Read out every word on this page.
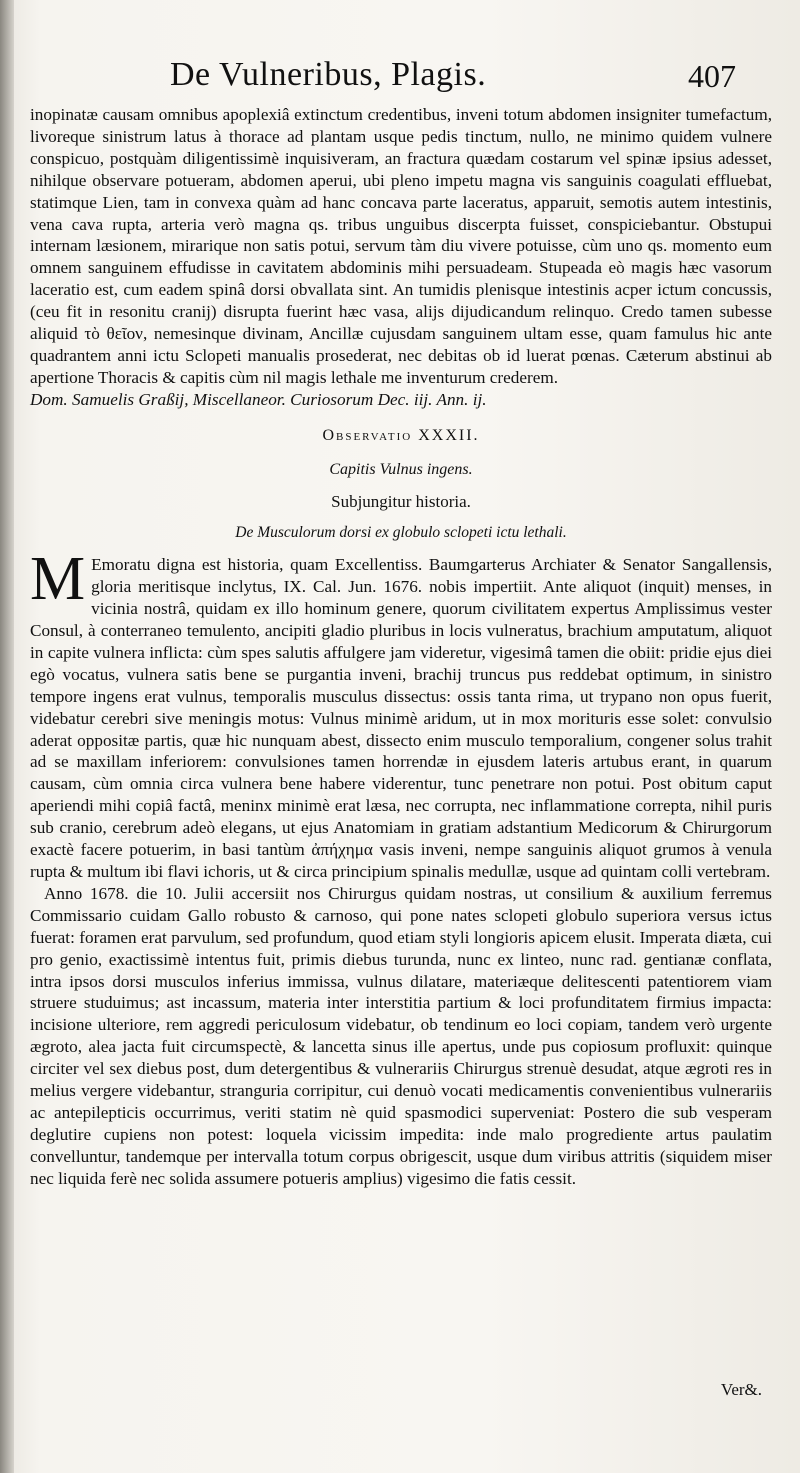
De Vulneribus, Plagis.	407

inopinatæ causam omnibus apoplexiâ extinctum credentibus, inveni totum abdomen insigniter tumefactum, livoreque sinistrum latus à thorace ad plantam usque pedis tinctum, nullo, ne minimo quidem vulnere conspicuo, postquàm diligentissimè inquisiveram, an fractura quædam costarum vel spinæ ipsius adesset, nihilque observare potueram, abdomen aperui, ubi pleno impetu magna vis sanguinis coagulati effluebat, statimque Lien, tam in convexa quàm ad hanc concava parte laceratus, apparuit, semotis autem intestinis, vena cava rupta, arteria verò magna qs. tribus unguibus discerpta fuisset, conspiciebantur. Obstupui internam læsionem, mirarique non satis potui, servum tàm diu vivere potuisse, cùm uno qs. momento eum omnem sanguinem effudisse in cavitatem abdominis mihi persuadeam. Stupeada eò magis hæc vasorum laceratio est, cum eadem spinâ dorsi obvallata sint. An tumidis plenisque intestinis acper ictum concussis, (ceu fit in resonitu cranij) disrupta fuerint hæc vasa, alijs dijudicandum relinquo. Credo tamen subesse aliquid τὸ θεῖον, nemesinque divinam, Ancillæ cujusdam sanguinem ultam esse, quam famulus hic ante quadrantem anni ictu Sclopeti manualis prosederat, nec debitas ob id luerat pœnas. Cæterum abstinui ab apertione Thoracis & capitis cùm nil magis lethale me inventurum crederem.

Dom. Samuelis Graßij, Miscellaneor. Curiosorum Dec. iij. Ann. ij.

Observatio XXXII.

Capitis Vulnus ingens.

Subjungitur historia.

De Musculorum dorsi ex globulo sclopeti ictu lethali.

M Emoratu digna est historia, quam Excellentiss. Baumgarterus Archiater & Senator Sangallensis, gloria meritisque inclytus, IX. Cal. Jun. 1676. nobis impertiit. Ante aliquot (inquit) menses, in vicinia nostrâ, quidam ex illo hominum genere, quorum civilitatem expertus Amplissimus vester Consul, à conterraneo temulento, ancipiti gladio pluribus in locis vulneratus, brachium amputatum, aliquot in capite vulnera inflicta: cùm spes salutis affulgere jam videretur, vigesimâ tamen die obiit: pridie ejus diei egò vocatus, vulnera satis bene se purgantia inveni, brachij truncus pus reddebat optimum, in sinistro tempore ingens erat vulnus, temporalis musculus dissectus: ossis tanta rima, ut trypano non opus fuerit, videbatur cerebri sive meningis motus: Vulnus minimè aridum, ut in mox morituris esse solet: convulsio aderat oppositæ partis, quæ hic nunquam abest, dissecto enim musculo temporalium, congener solus trahit ad se maxillam inferiorem: convulsiones tamen horrendæ in ejusdem lateris artubus erant, in quarum causam, cùm omnia circa vulnera bene habere viderentur, tunc penetrare non potui. Post obitum caput aperiendi mihi copiâ factâ, meninx minimè erat læsa, nec corrupta, nec inflammatione correpta, nihil puris sub cranio, cerebrum adeò elegans, ut ejus Anatomiam in gratiam adstantium Medicorum & Chirurgorum exactè facere potuerim, in basi tantùm ἀπήχημα vasis inveni, nempe sanguinis aliquot grumos à venula rupta & multum ibi flavi ichoris, ut & circa principium spinalis medullæ, usque ad quintam colli vertebram.

Anno 1678. die 10. Julii accersiit nos Chirurgus quidam nostras, ut consilium & auxilium ferremus Commissario cuidam Gallo robusto & carnoso, qui pone nates sclopeti globulo superiora versus ictus fuerat: foramen erat parvulum, sed profundum, quod etiam styli longioris apicem elusit. Imperata diæta, cui pro genio, exactissimè intentus fuit, primis diebus turunda, nunc ex linteo, nunc rad. gentianæ conflata, intra ipsos dorsi musculos inferius immissa, vulnus dilatare, materiæque delitescenti patentiorem viam struere studuimus; ast incassum, materia inter interstitia partium & loci profunditatem firmius impacta: incisione ulteriore, rem aggredi periculosum videbatur, ob tendinum eo loci copiam, tandem verò urgente ægroto, alea jacta fuit circumspectè, & lancetta sinus ille apertus, unde pus copiosum profluxit: quinque circiter vel sex diebus post, dum detergentibus & vulnerariis Chirurgus strenuè desudat, atque ægroti res in melius vergere videbantur, stranguria corripitur, cui denuò vocati medicamentis convenientibus vulnerariis ac antepilepticis occurrimus, veriti statim nè quid spasmodici superveniat: Postero die sub vesperam deglutire cupiens non potest: loquela vicissim impedita: inde malo progrediente artus paulatim convelluntur, tandemque per intervalla totum corpus obrigescit, usque dum viribus attritis (siquidem miser nec liquida ferè nec solida assumere potueris amplius) vigesimo die fatis cessit.

Ver&.
